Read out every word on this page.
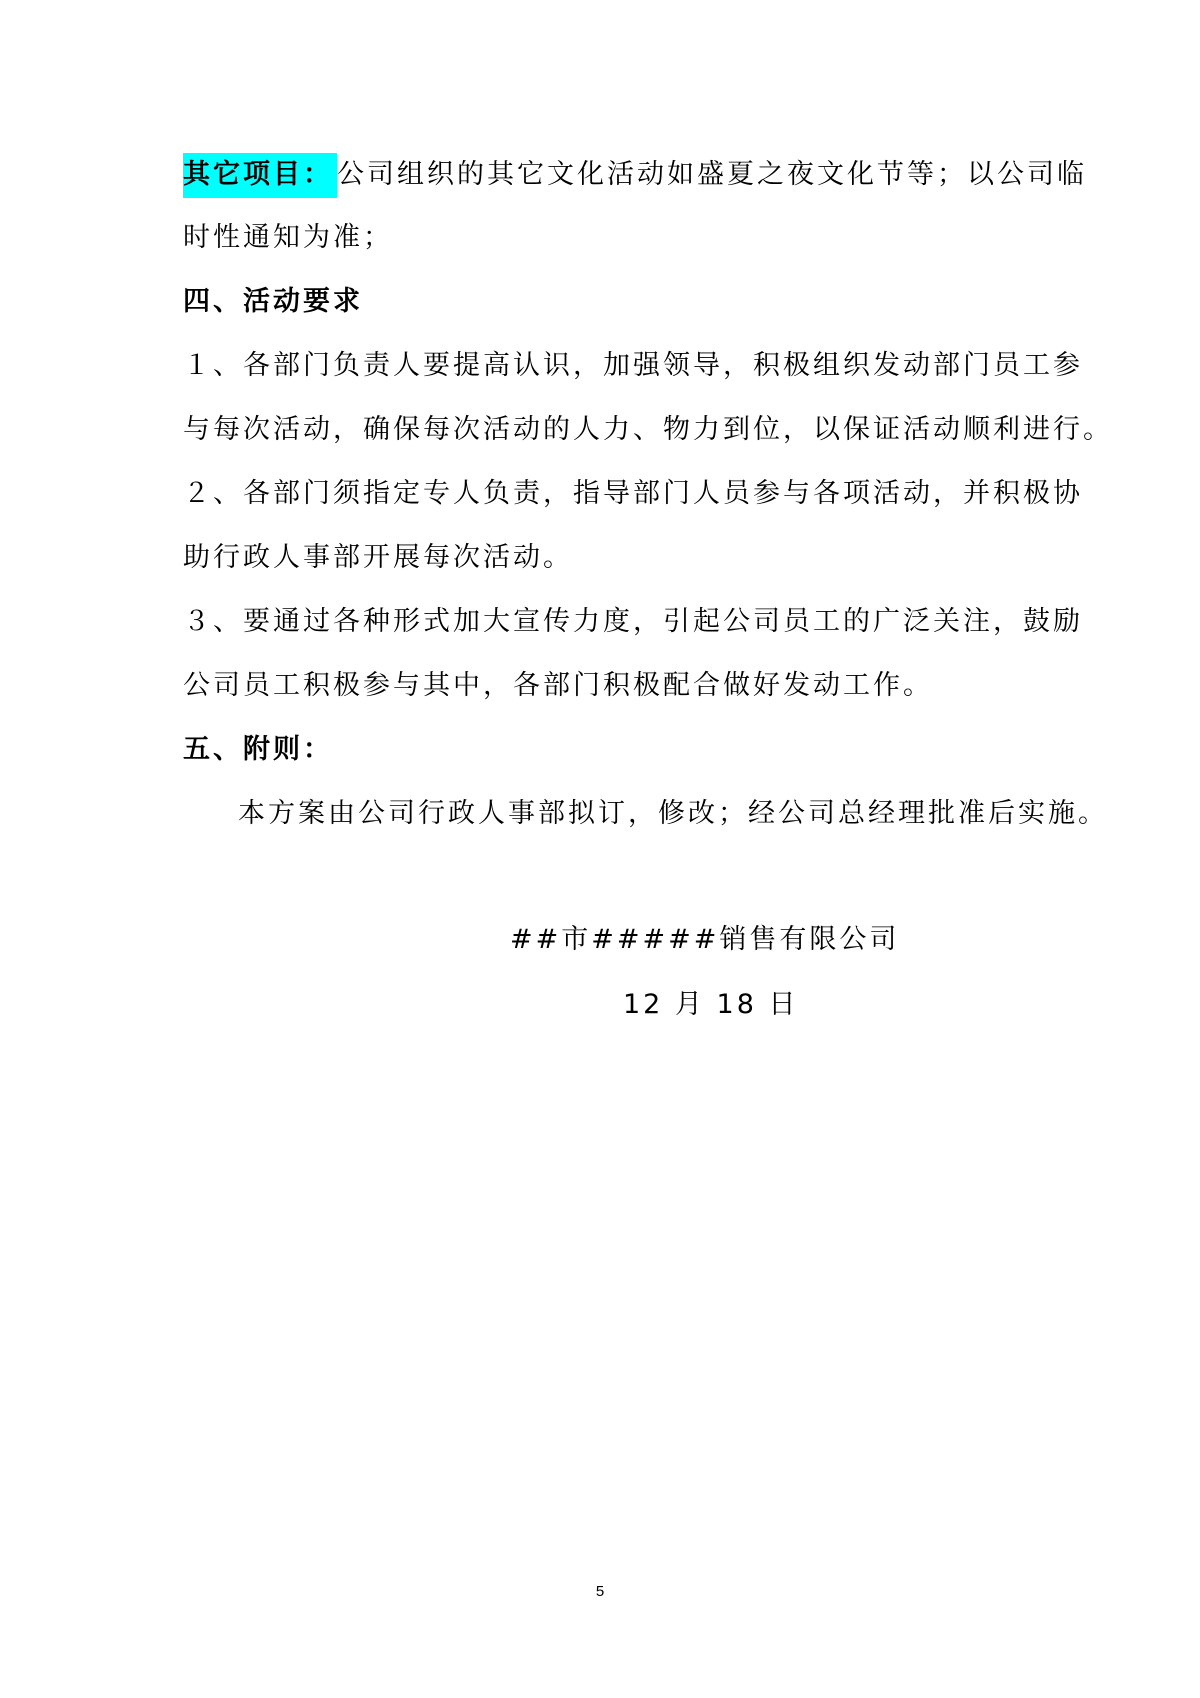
其它项目： 公司组织的其它文化活动如盛夏之夜文化节等；以公司临
时性通知为准；
四、活动要求
１、各部门负责人要提高认识，加强领导，积极组织发动部门员工参
与每次活动，确保每次活动的人力、物力到位，以保证活动顺利进行。
２、各部门须指定专人负责，指导部门人员参与各项活动，并积极协
助行政人事部开展每次活动。
３、要通过各种形式加大宣传力度，引起公司员工的广泛关注，鼓励
公司员工积极参与其中，各部门积极配合做好发动工作。
五、附则：
本方案由公司行政人事部拟订，修改；经公司总经理批准后实施。
##市#####销售有限公司
12 月 18 日
5
